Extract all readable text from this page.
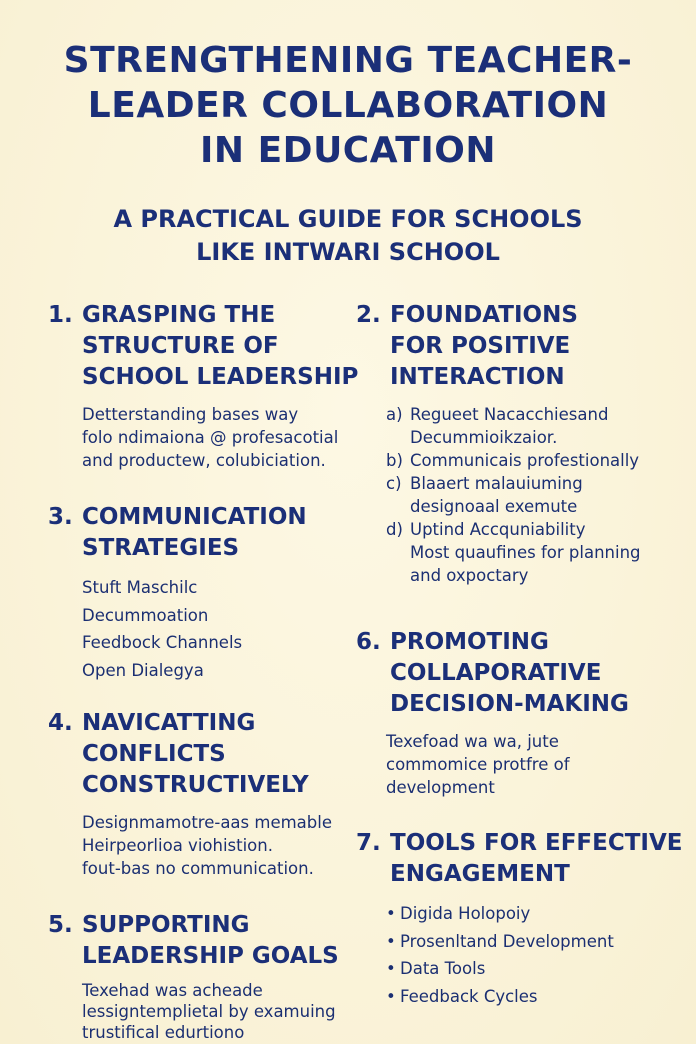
STRENGTHENING TEACHER-
LEADER COLLABORATION
IN EDUCATION
A PRACTICAL GUIDE FOR SCHOOLS
LIKE INTWARI SCHOOL
1. GRASPING THE
STRUCTURE OF
SCHOOL LEADERSHIP
Detterstanding bases way
folo ndimaiona @ profesacotial
and productew, colubiciation.
2. FOUNDATIONS
FOR POSITIVE
INTERACTION
a) Regueet Nacacchiesand
Decummioikzaior.
b) Communicais profestionally
c) Blaaert malauiuming
designoaal exemute
d) Uptind Accquniability
Most quaufines for planning
and oxpoctary
3. COMMUNICATION
STRATEGIES
Stuft Maschilc
Decummoation
Feedbock Channels
Open Dialegya
6. PROMOTING
COLLAPORATIVE
DECISION-MAKING
Texefoad wa wa, jute
commomice protfre of
development
4. NAVICATTING
CONFLICTS
CONSTRUCTIVELY
Designmamotre-aas memable
Heirpeorlioa viohistion.
fout-bas no communication.
7. TOOLS FOR EFFECTIVE
ENGAGEMENT
• Digida Holopoiy
• Prosenltand Development
• Data Tools
• Feedback Cycles
5. SUPPORTING
LEADERSHIP GOALS
Texehad was acheade
lessigntemplietal by examuing
trustifical edurtiono
